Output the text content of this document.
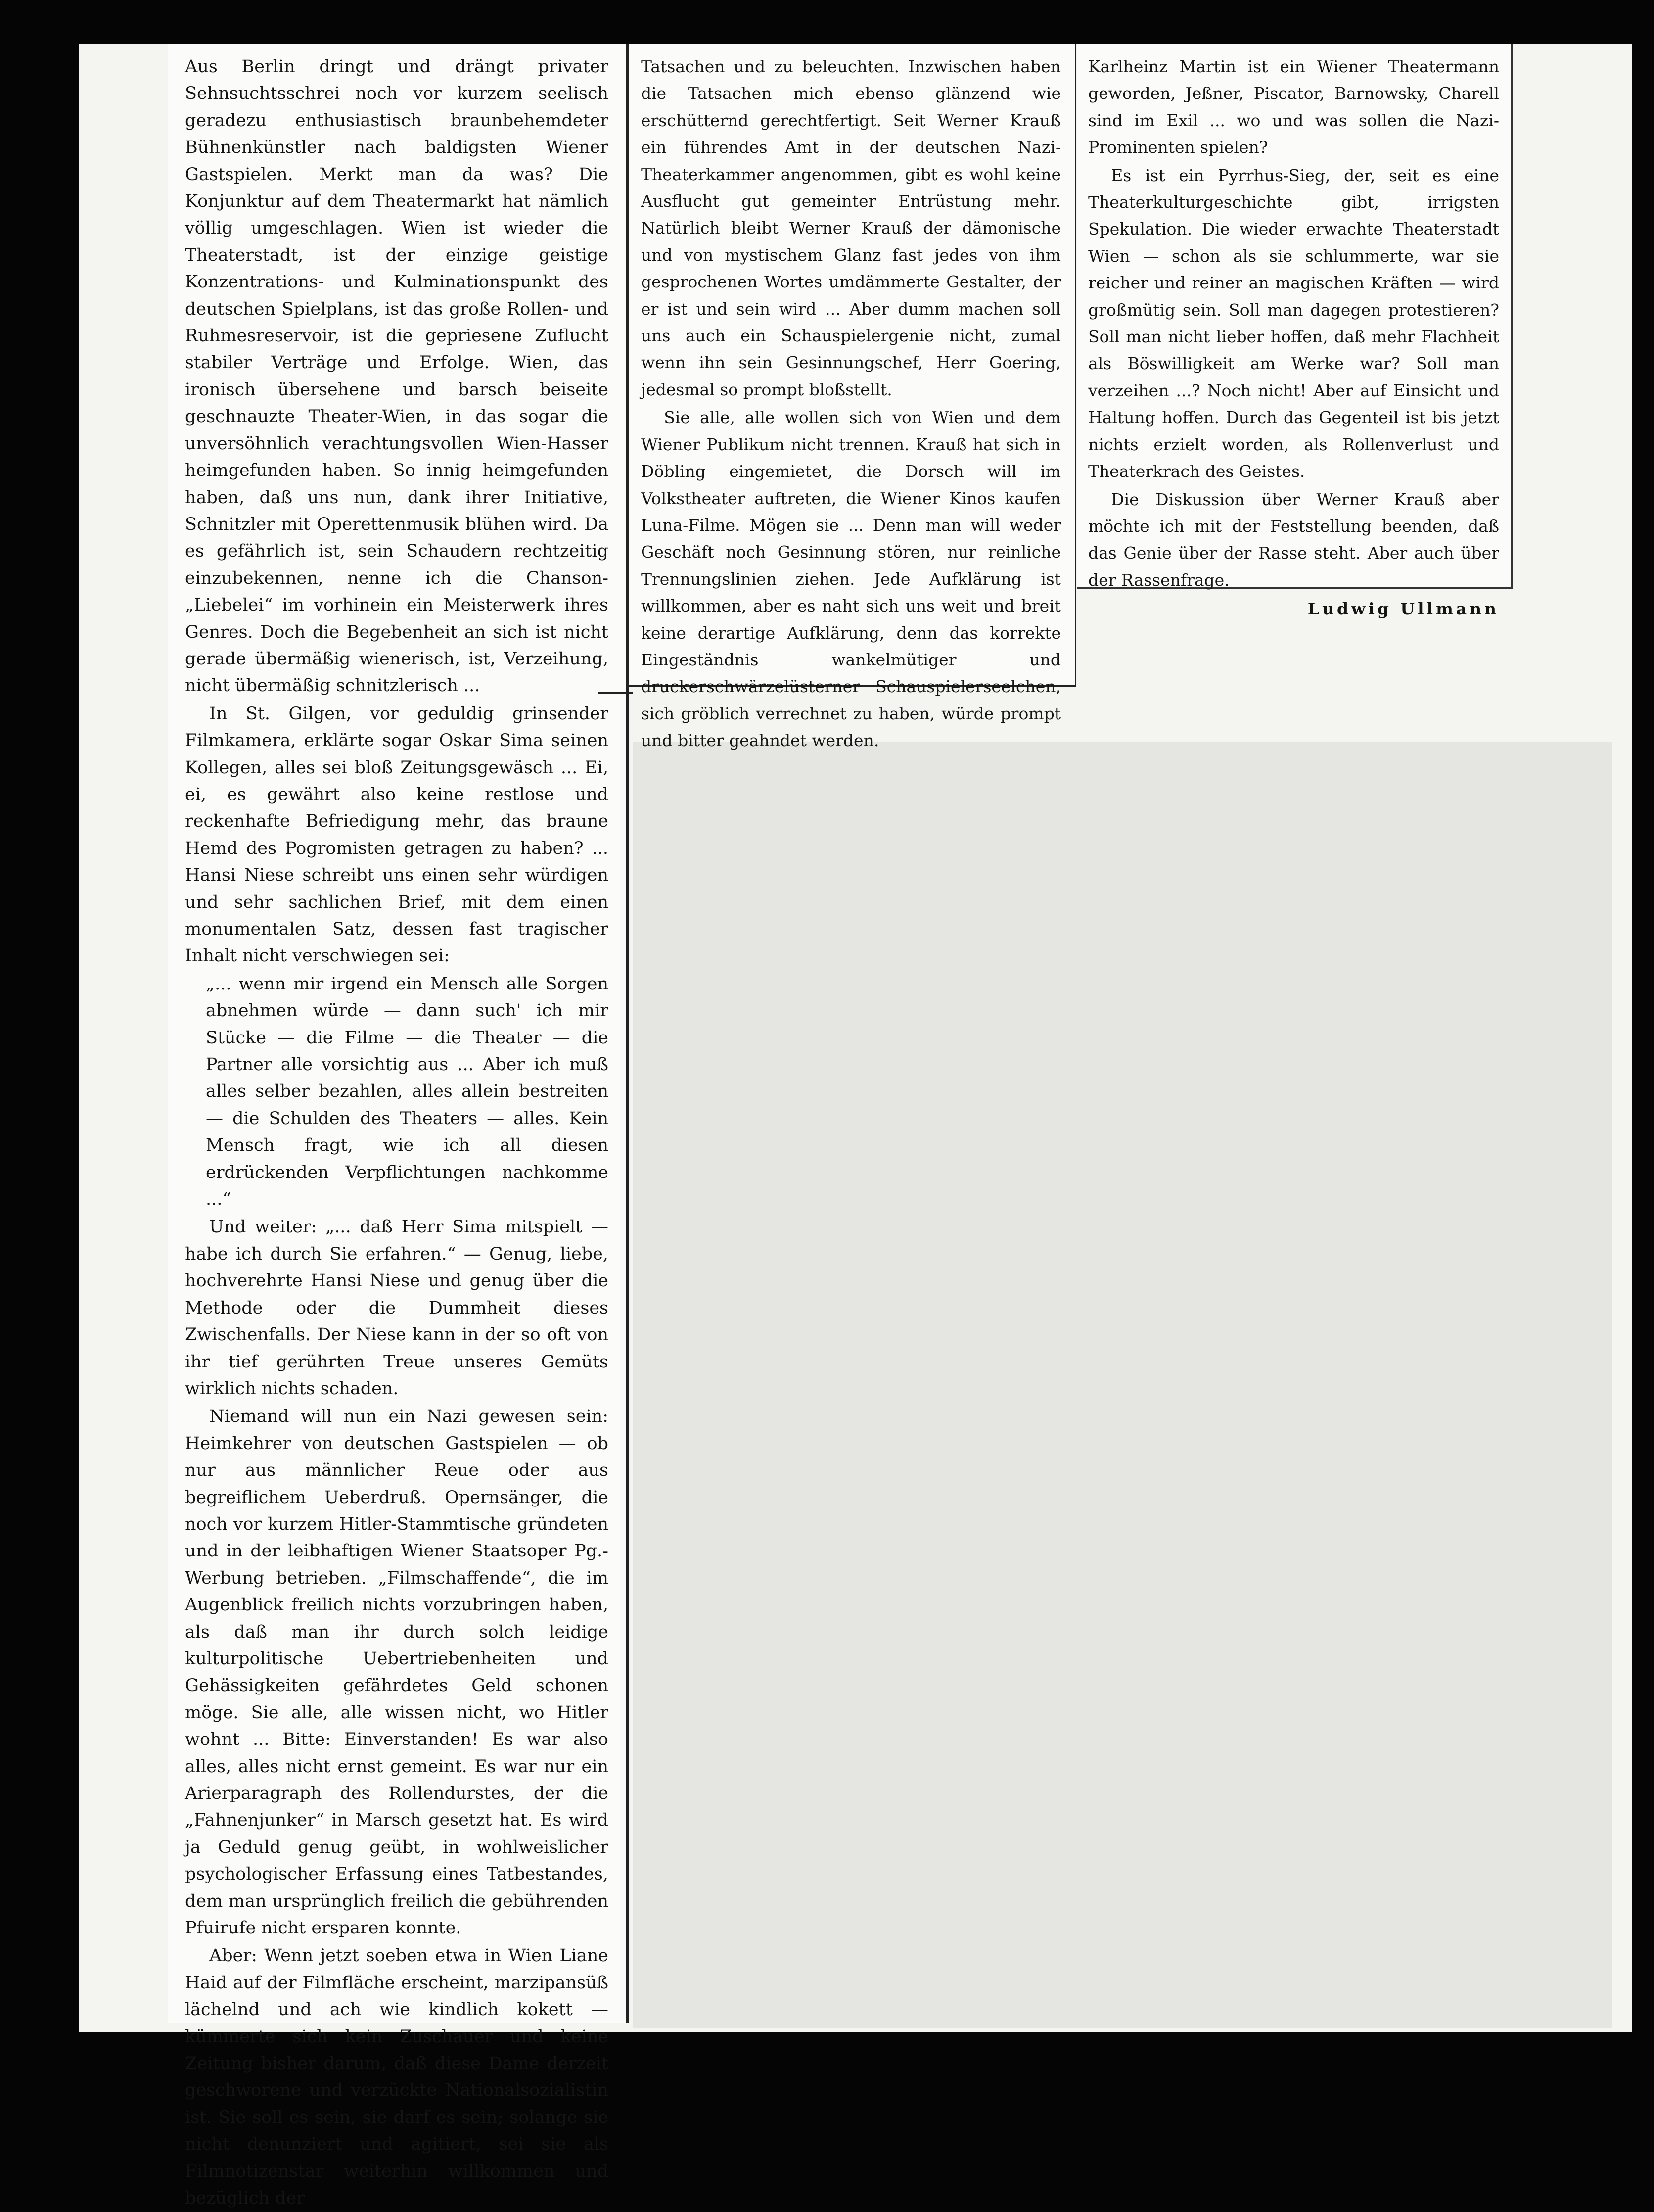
Aus Berlin dringt und drängt privater Sehnsuchtsschrei noch vor kurzem seelisch geradezu enthusiastisch braunbehemdeter Bühnenkünstler nach baldigsten Wiener Gastspielen. Merkt man da was? Die Konjunktur auf dem Theatermarkt hat nämlich völlig umgeschlagen. Wien ist wieder die Theaterstadt, ist der einzige geistige Konzentrations- und Kulminationspunkt des deutschen Spielplans, ist das große Rollen- und Ruhmesreservoir, ist die gepriesene Zuflucht stabiler Verträge und Erfolge. Wien, das ironisch übersehene und barsch beiseite geschnauzte Theater-Wien, in das sogar die unversöhnlich verachtungsvollen Wien-Hasser heimgefunden haben. So innig heimgefunden haben, daß uns nun, dank ihrer Initiative, Schnitzler mit Operettenmusik blühen wird. Da es gefährlich ist, sein Schaudern rechtzeitig einzubekennen, nenne ich die Chanson-„Liebelei“ im vorhinein ein Meisterwerk ihres Genres. Doch die Begebenheit an sich ist nicht gerade übermäßig wienerisch, ist, Verzeihung, nicht übermäßig schnitzlerisch ...

In St. Gilgen, vor geduldig grinsender Filmkamera, erklärte sogar Oskar Sima seinen Kollegen, alles sei bloß Zeitungsgewäsch ... Ei, ei, es gewährt also keine restlose und reckenhafte Befriedigung mehr, das braune Hemd des Pogromisten getragen zu haben? ... Hansi Niese schreibt uns einen sehr würdigen und sehr sachlichen Brief, mit dem einen monumentalen Satz, dessen fast tragischer Inhalt nicht verschwiegen sei:

„... wenn mir irgend ein Mensch alle Sorgen abnehmen würde — dann such' ich mir Stücke — die Filme — die Theater — die Partner alle vorsichtig aus ... Aber ich muß alles selber bezahlen, alles allein bestreiten — die Schulden des Theaters — alles. Kein Mensch fragt, wie ich all diesen erdrückenden Verpflichtungen nachkomme ...“

Und weiter: „... daß Herr Sima mitspielt — habe ich durch Sie erfahren.“ — Genug, liebe, hochverehrte Hansi Niese und genug über die Methode oder die Dummheit dieses Zwischenfalls. Der Niese kann in der so oft von ihr tief gerührten Treue unseres Gemüts wirklich nichts schaden.

Niemand will nun ein Nazi gewesen sein: Heimkehrer von deutschen Gastspielen — ob nur aus männlicher Reue oder aus begreiflichem Ueberdruß. Opernsänger, die noch vor kurzem Hitler-Stammtische gründeten und in der leibhaftigen Wiener Staatsoper Pg.-Werbung betrieben. „Filmschaffende“, die im Augenblick freilich nichts vorzubringen haben, als daß man ihr durch solch leidige kulturpolitische Uebertriebenheiten und Gehässigkeiten gefährdetes Geld schonen möge. Sie alle, alle wissen nicht, wo Hitler wohnt ... Bitte: Einverstanden! Es war also alles, alles nicht ernst gemeint. Es war nur ein Arierparagraph des Rollendurstes, der die „Fahnenjunker“ in Marsch gesetzt hat. Es wird ja Geduld genug geübt, in wohlweislicher psychologischer Erfassung eines Tatbestandes, dem man ursprünglich freilich die gebührenden Pfuirufe nicht ersparen konnte.

Aber: Wenn jetzt soeben etwa in Wien Liane Haid auf der Filmfläche erscheint, marzipansüß lächelnd und ach wie kindlich kokett — kümmerte sich kein Zuschauer und keine Zeitung bisher darum, daß diese Dame derzeit geschworene und verzückte Nationalsozialistin ist. Sie soll es sein, sie darf es sein; solange sie nicht denunziert und agitiert, sei sie als Filmnotizenstar weiterhin willkommen und bezüglich der

Tatsachen und zu beleuchten. Inzwischen haben die Tatsachen mich ebenso glänzend wie erschütternd gerechtfertigt. Seit Werner Krauß ein führendes Amt in der deutschen Nazi-Theaterkammer angenommen, gibt es wohl keine Ausflucht gut gemeinter Entrüstung mehr. Natürlich bleibt Werner Krauß der dämonische und von mystischem Glanz fast jedes von ihm gesprochenen Wortes umdämmerte Gestalter, der er ist und sein wird ... Aber dumm machen soll uns auch ein Schauspielergenie nicht, zumal wenn ihn sein Gesinnungschef, Herr Goering, jedesmal so prompt bloßstellt.

Sie alle, alle wollen sich von Wien und dem Wiener Publikum nicht trennen. Krauß hat sich in Döbling eingemietet, die Dorsch will im Volkstheater auftreten, die Wiener Kinos kaufen Luna-Filme. Mögen sie ... Denn man will weder Geschäft noch Gesinnung stören, nur reinliche Trennungslinien ziehen. Jede Aufklärung ist willkommen, aber es naht sich uns weit und breit keine derartige Aufklärung, denn das korrekte Eingeständnis wankelmütiger und druckerschwärzelüsterner Schauspielerseelchen, sich gröblich verrechnet zu haben, würde prompt und bitter geahndet werden.

Karlheinz Martin ist ein Wiener Theatermann geworden, Jeßner, Piscator, Barnowsky, Charell sind im Exil ... wo und was sollen die Nazi-Prominenten spielen?

Es ist ein Pyrrhus-Sieg, der, seit es eine Theaterkulturgeschichte gibt, irrigsten Spekulation. Die wieder erwachte Theaterstadt Wien — schon als sie schlummerte, war sie reicher und reiner an magischen Kräften — wird großmütig sein. Soll man dagegen protestieren? Soll man nicht lieber hoffen, daß mehr Flachheit als Böswilligkeit am Werke war? Soll man verzeihen ...? Noch nicht! Aber auf Einsicht und Haltung hoffen. Durch das Gegenteil ist bis jetzt nichts erzielt worden, als Rollenverlust und Theaterkrach des Geistes.

Die Diskussion über Werner Krauß aber möchte ich mit der Feststellung beenden, daß das Genie über der Rasse steht. Aber auch über der Rassenfrage.

Ludwig Ullmann
